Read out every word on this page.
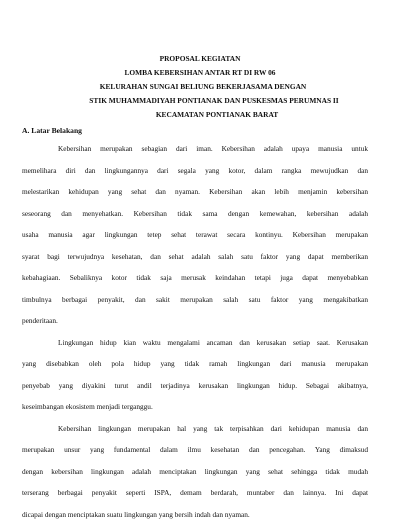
PROPOSAL KEGIATAN
LOMBA KEBERSIHAN ANTAR RT DI RW 06
KELURAHAN SUNGAI BELIUNG BEKERJASAMA DENGAN
STIK MUHAMMADIYAH PONTIANAK DAN PUSKESMAS PERUMNAS II
KECAMATAN PONTIANAK BARAT
A. Latar Belakang

Kebersihan merupakan sebagian dari iman. Kebersihan adalah upaya manusia untuk
memelihara diri dan lingkungannya dari segala yang kotor, dalam rangka mewujudkan dan
melestarikan kehidupan yang sehat dan nyaman. Kebersihan akan lebih menjamin kebersihan
seseorang dan menyehatkan. Kebersihan tidak sama dengan kemewahan, kebersihan adalah
usaha manusia agar lingkungan tetep sehat terawat secara kontinyu. Kebersihan merupakan
syarat bagi terwujudnya kesehatan, dan sehat adalah salah satu faktor yang dapat memberikan
kebahagiaan. Sebaliknya kotor tidak saja merusak keindahan tetapi juga dapat menyebabkan
timbulnya berbagai penyakit, dan sakit merupakan salah satu faktor yang mengakibatkan
penderitaan.

Lingkungan hidup kian waktu mengalami ancaman dan kerusakan setiap saat. Kerusakan
yang disebabkan oleh pola hidup yang tidak ramah lingkungan dari manusia merupakan
penyebab yang diyakini turut andil terjadinya kerusakan lingkungan hidup. Sebagai akibatnya,
keseimbangan ekosistem menjadi terganggu.

Kebersihan lingkungan merupakan hal yang tak terpisahkan dari kehidupan manusia dan
merupakan unsur yang fundamental dalam ilmu kesehatan dan pencegahan. Yang dimaksud
dengan kebersihan lingkungan adalah menciptakan lingkungan yang sehat sehingga tidak mudah
terserang berbagai penyakit seperti ISPA, demam berdarah, muntaber dan lainnya. Ini dapat
dicapai dengan menciptakan suatu lingkungan yang bersih indah dan nyaman.
